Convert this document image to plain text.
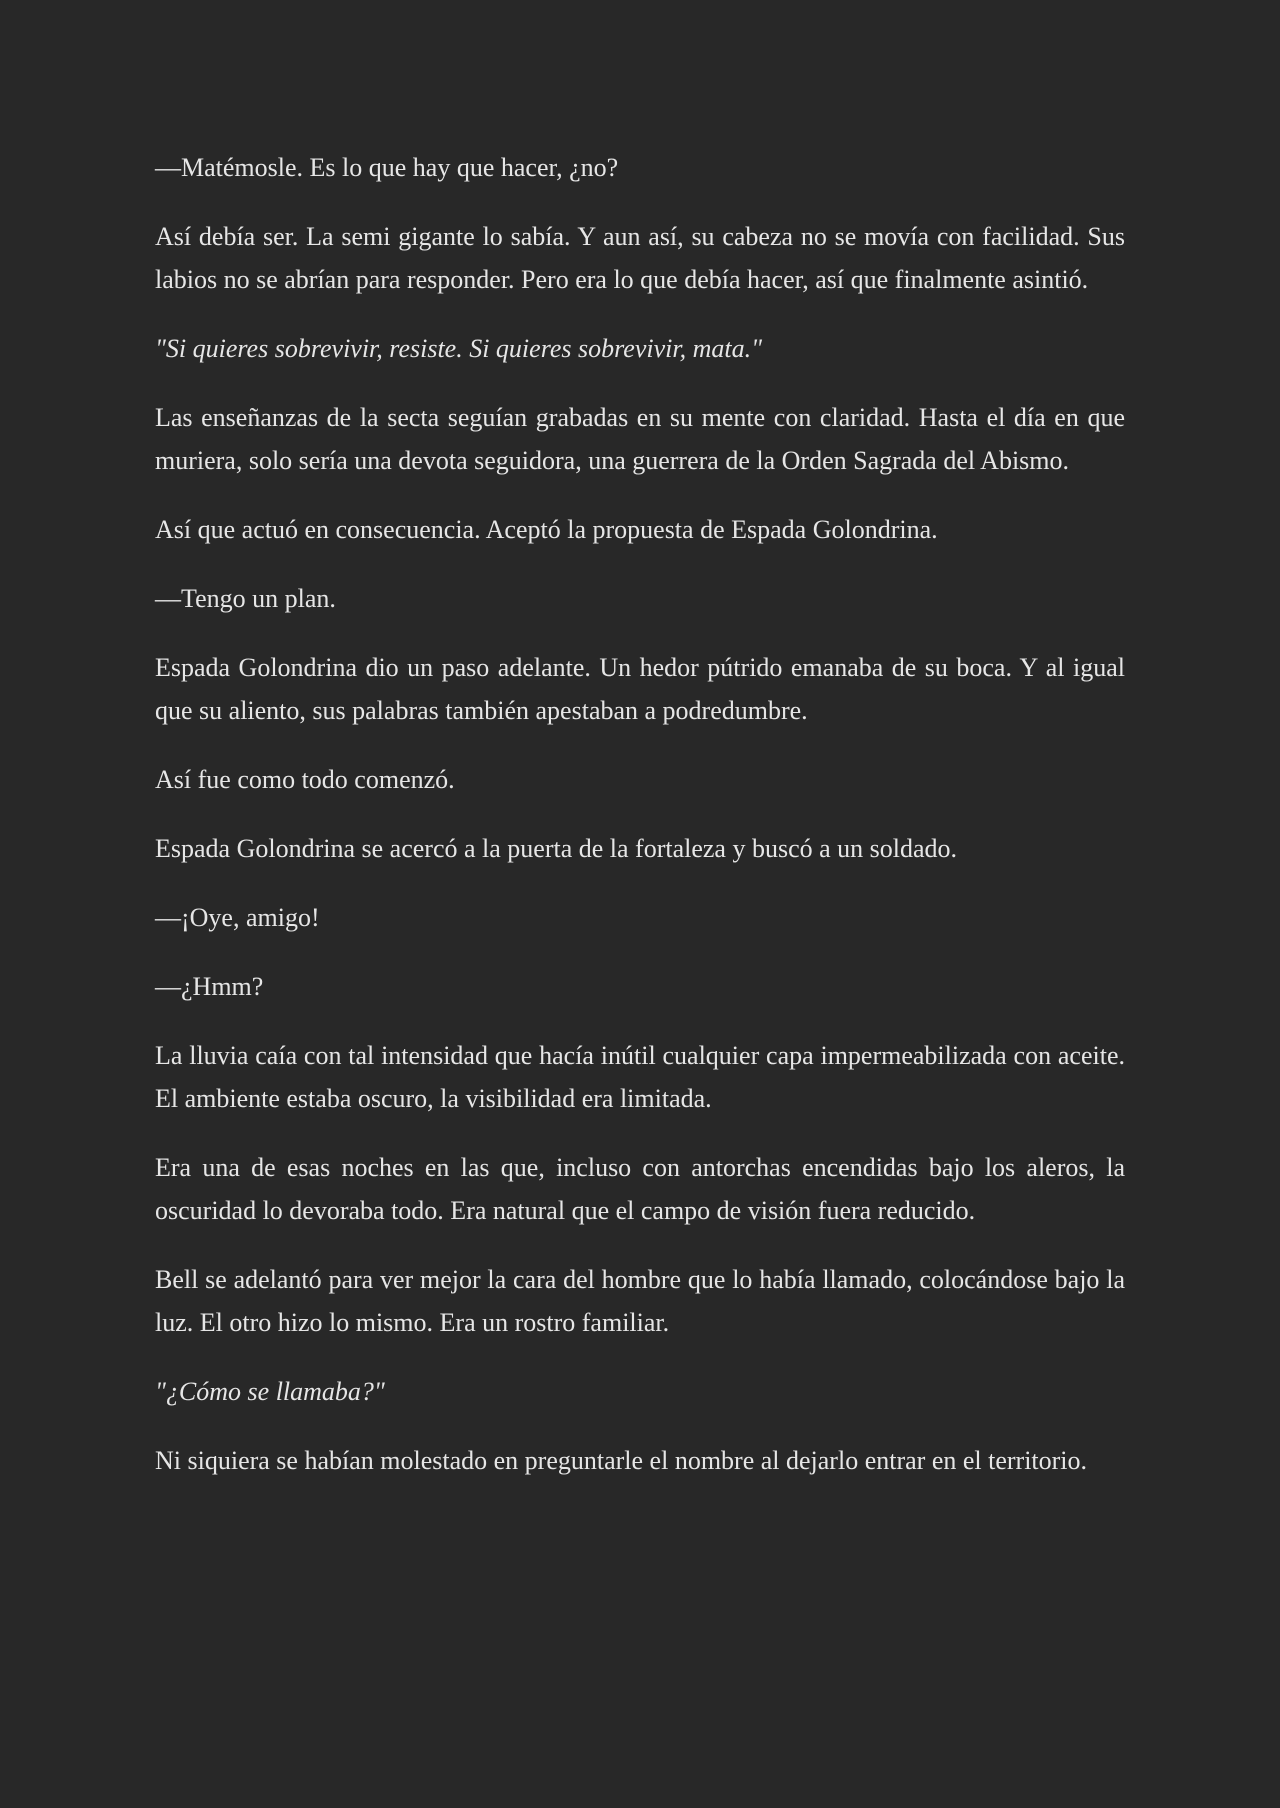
—Matémosle. Es lo que hay que hacer, ¿no?

Así debía ser. La semi gigante lo sabía. Y aun así, su cabeza no se movía con facilidad. Sus labios no se abrían para responder. Pero era lo que debía hacer, así que finalmente asintió.

"Si quieres sobrevivir, resiste. Si quieres sobrevivir, mata."

Las enseñanzas de la secta seguían grabadas en su mente con claridad. Hasta el día en que muriera, solo sería una devota seguidora, una guerrera de la Orden Sagrada del Abismo.

Así que actuó en consecuencia. Aceptó la propuesta de Espada Golondrina.

—Tengo un plan.

Espada Golondrina dio un paso adelante. Un hedor pútrido emanaba de su boca. Y al igual que su aliento, sus palabras también apestaban a podredumbre.

Así fue como todo comenzó.

Espada Golondrina se acercó a la puerta de la fortaleza y buscó a un soldado.

—¡Oye, amigo!

—¿Hmm?

La lluvia caía con tal intensidad que hacía inútil cualquier capa impermeabilizada con aceite. El ambiente estaba oscuro, la visibilidad era limitada.

Era una de esas noches en las que, incluso con antorchas encendidas bajo los aleros, la oscuridad lo devoraba todo. Era natural que el campo de visión fuera reducido.

Bell se adelantó para ver mejor la cara del hombre que lo había llamado, colocándose bajo la luz. El otro hizo lo mismo. Era un rostro familiar.

"¿Cómo se llamaba?"

Ni siquiera se habían molestado en preguntarle el nombre al dejarlo entrar en el territorio.
